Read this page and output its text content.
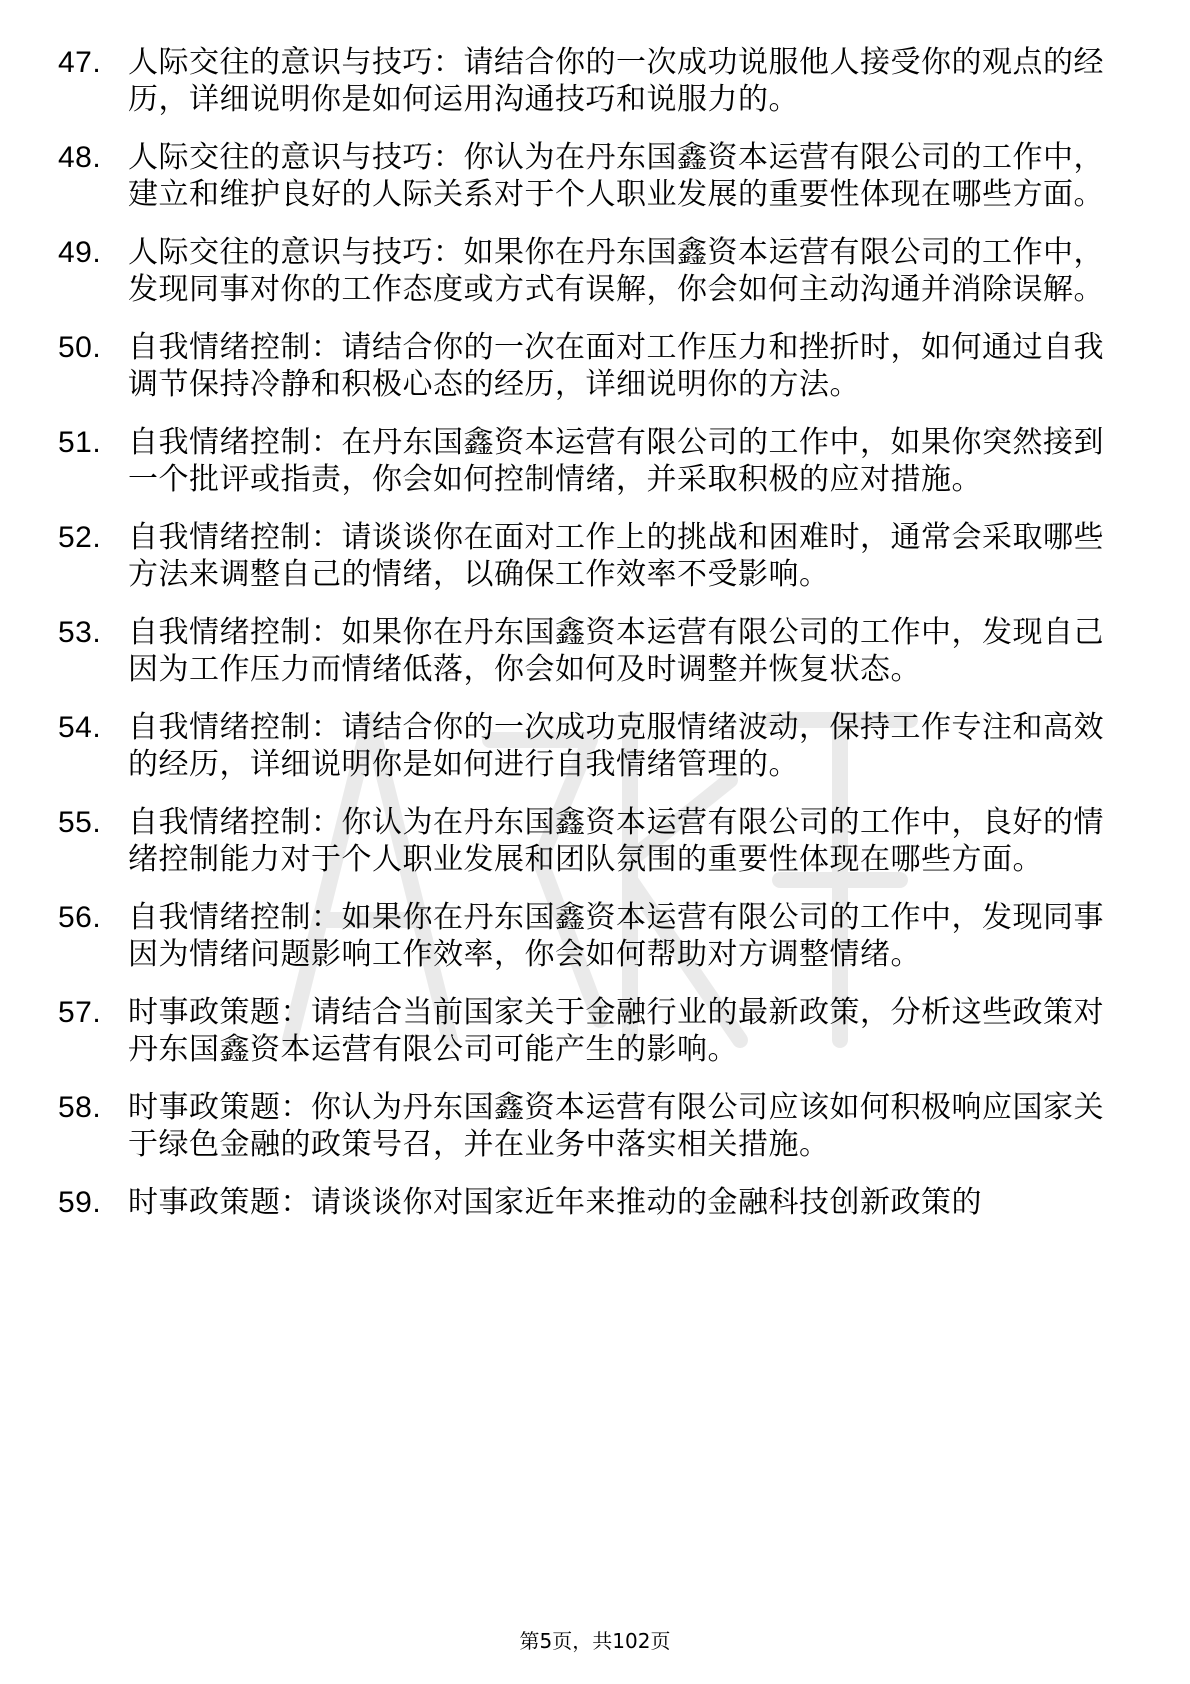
47. 人际交往的意识与技巧：请结合你的一次成功说服他人接受你的观点的经历，详细说明你是如何运用沟通技巧和说服力的。
48. 人际交往的意识与技巧：你认为在丹东国鑫资本运营有限公司的工作中，建立和维护良好的人际关系对于个人职业发展的重要性体现在哪些方面。
49. 人际交往的意识与技巧：如果你在丹东国鑫资本运营有限公司的工作中，发现同事对你的工作态度或方式有误解，你会如何主动沟通并消除误解。
50. 自我情绪控制：请结合你的一次在面对工作压力和挫折时，如何通过自我调节保持冷静和积极心态的经历，详细说明你的方法。
51. 自我情绪控制：在丹东国鑫资本运营有限公司的工作中，如果你突然接到一个批评或指责，你会如何控制情绪，并采取积极的应对措施。
52. 自我情绪控制：请谈谈你在面对工作上的挑战和困难时，通常会采取哪些方法来调整自己的情绪，以确保工作效率不受影响。
53. 自我情绪控制：如果你在丹东国鑫资本运营有限公司的工作中，发现自己因为工作压力而情绪低落，你会如何及时调整并恢复状态。
54. 自我情绪控制：请结合你的一次成功克服情绪波动，保持工作专注和高效的经历，详细说明你是如何进行自我情绪管理的。
55. 自我情绪控制：你认为在丹东国鑫资本运营有限公司的工作中，良好的情绪控制能力对于个人职业发展和团队氛围的重要性体现在哪些方面。
56. 自我情绪控制：如果你在丹东国鑫资本运营有限公司的工作中，发现同事因为情绪问题影响工作效率，你会如何帮助对方调整情绪。
57. 时事政策题：请结合当前国家关于金融行业的最新政策，分析这些政策对丹东国鑫资本运营有限公司可能产生的影响。
58. 时事政策题：你认为丹东国鑫资本运营有限公司应该如何积极响应国家关于绿色金融的政策号召，并在业务中落实相关措施。
59. 时事政策题：请谈谈你对国家近年来推动的金融科技创新政策的
第5页，共102页
